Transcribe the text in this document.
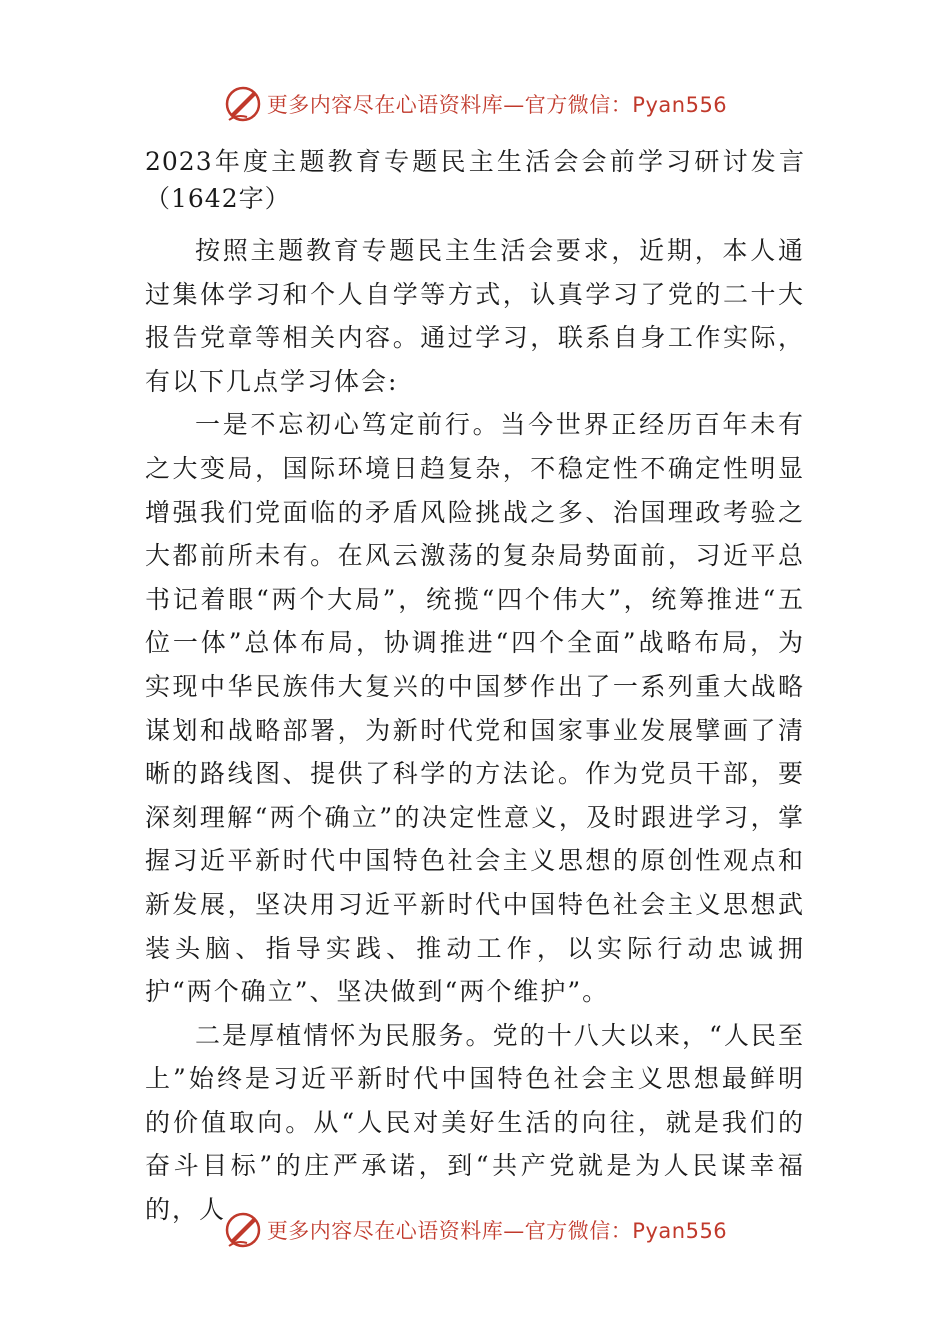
更多内容尽在心语资料库—官方微信：Pyan556

2023年度主题教育专题民主生活会会前学习研讨发言

（1642字）

按照主题教育专题民主生活会要求，近期，本人通过集体学习和个人自学等方式，认真学习了党的二十大报告党章等相关内容。通过学习，联系自身工作实际，有以下几点学习体会:

一是不忘初心笃定前行。当今世界正经历百年未有之大变局，国际环境日趋复杂，不稳定性不确定性明显增强我们党面临的矛盾风险挑战之多、治国理政考验之大都前所未有。在风云激荡的复杂局势面前，习近平总书记着眼“两个大局”，统揽“四个伟大”，统筹推进“五位一体”总体布局，协调推进“四个全面”战略布局，为实现中华民族伟大复兴的中国梦作出了一系列重大战略谋划和战略部署，为新时代党和国家事业发展擘画了清晰的路线图、提供了科学的方法论。作为党员干部，要深刻理解“两个确立”的决定性意义，及时跟进学习，掌握习近平新时代中国特色社会主义思想的原创性观点和新发展，坚决用习近平新时代中国特色社会主义思想武装头脑、指导实践、推动工作，以实际行动忠诚拥护“两个确立”、坚决做到“两个维护”。

二是厚植情怀为民服务。党的十八大以来，“人民至上”始终是习近平新时代中国特色社会主义思想最鲜明的价值取向。从“人民对美好生活的向往，就是我们的奋斗目标”的庄严承诺，到“共产党就是为人民谋幸福的，人

更多内容尽在心语资料库—官方微信：Pyan556
